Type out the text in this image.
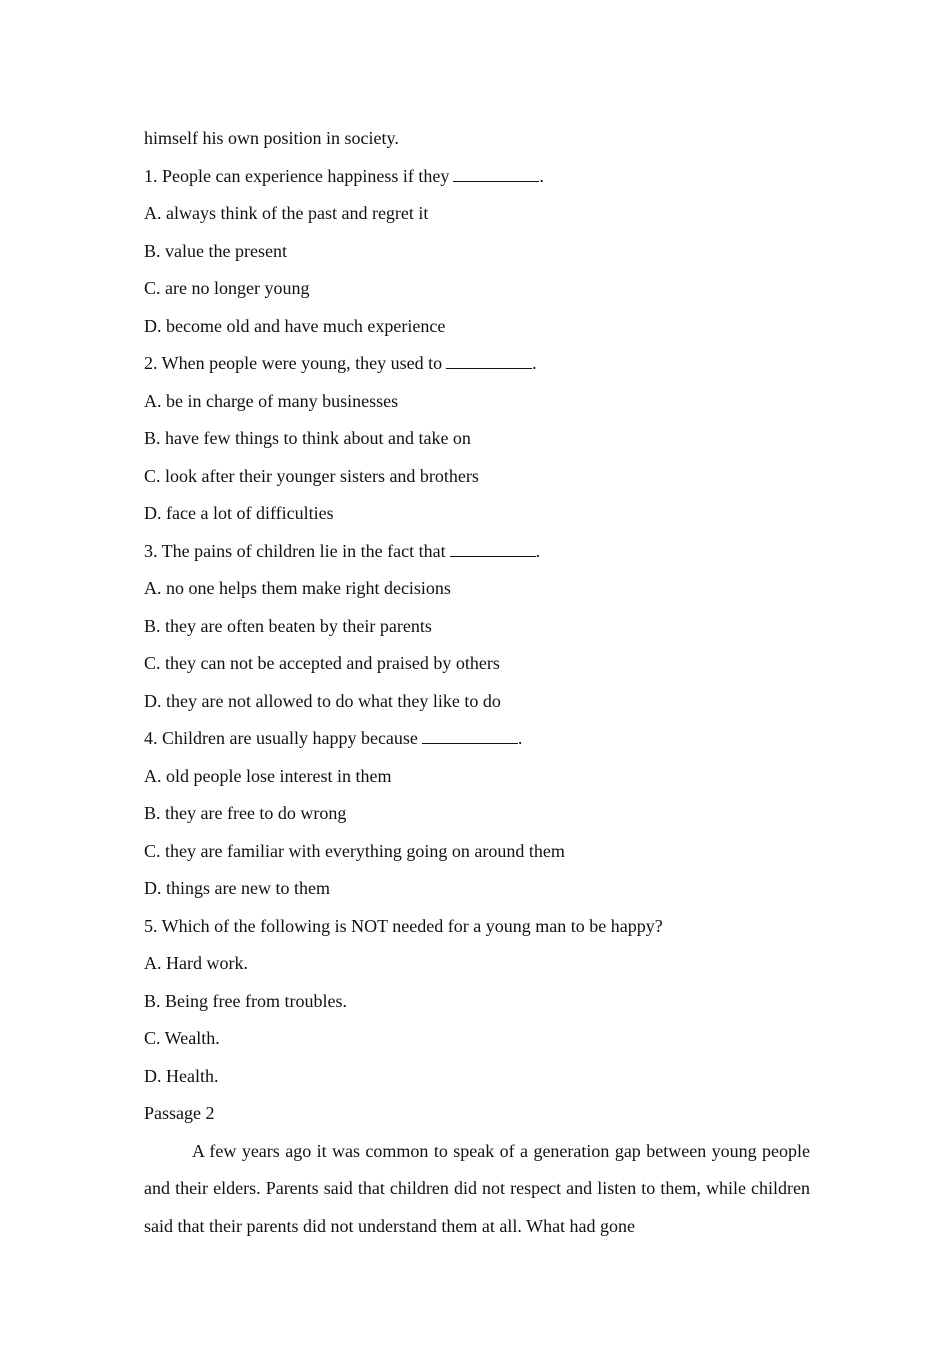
himself his own position in society.
1. People can experience happiness if they	.
A. always think of the past and regret it
B. value the present
C. are no longer young
D. become old and have much experience
2. When people were young, they used to	.
A. be in charge of many businesses
B. have few things to think about and take on
C. look after their younger sisters and brothers
D. face a lot of difficulties
3. The pains of children lie in the fact that	.
A. no one helps them make right decisions
B. they are often beaten by their parents
C. they can not be accepted and praised by others
D. they are not allowed to do what they like to do
4. Children are usually happy because	.
A. old people lose interest in them
B. they are free to do wrong
C. they are familiar with everything going on around them
D. things are new to them
5. Which of the following is NOT needed for a young man to be happy?
A. Hard work.
B. Being free from troubles.
C. Wealth.
D. Health.
Passage 2
A few years ago it was common to speak of a generation gap between young people and their elders. Parents said that children did not respect and listen to them, while children said that their parents did not understand them at all. What had gone
